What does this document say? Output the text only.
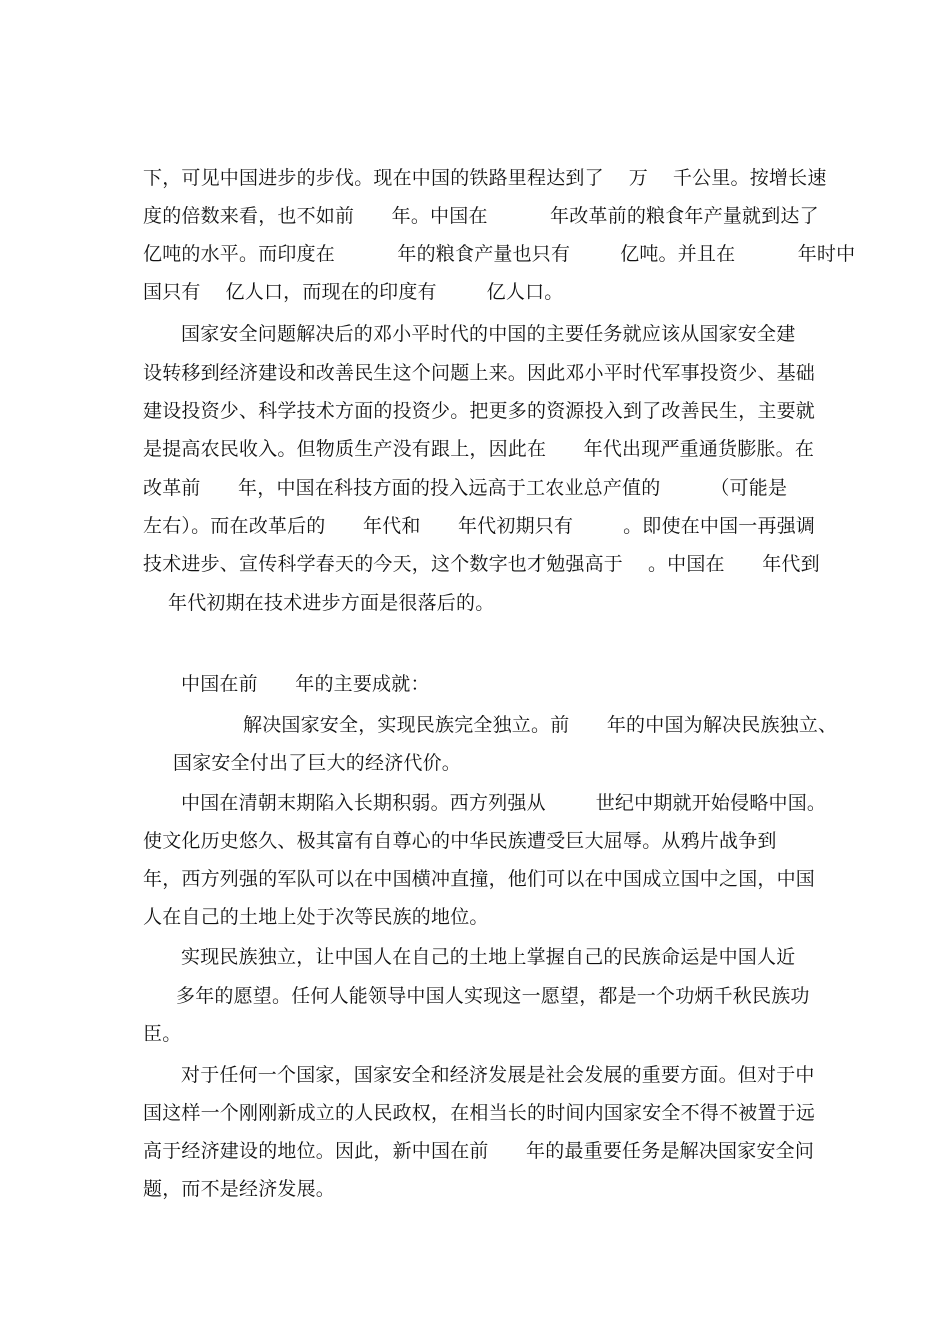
下，可见中国进步的步伐。现在中国的铁路里程达到了    万    千公里。按增长速
度的倍数来看，也不如前      年。中国在          年改革前的粮食年产量就到达了
亿吨的水平。而印度在          年的粮食产量也只有        亿吨。并且在          年时中
国只有    亿人口，而现在的印度有        亿人口。
国家安全问题解决后的邓小平时代的中国的主要任务就应该从国家安全建
设转移到经济建设和改善民生这个问题上来。因此邓小平时代军事投资少、基础
建设投资少、科学技术方面的投资少。把更多的资源投入到了改善民生，主要就
是提高农民收入。但物质生产没有跟上，因此在      年代出现严重通货膨胀。在
改革前      年，中国在科技方面的投入远高于工农业总产值的        （可能是
左右）。而在改革后的      年代和      年代初期只有        。即使在中国一再强调
技术进步、宣传科学春天的今天，这个数字也才勉强高于    。中国在      年代到
年代初期在技术进步方面是很落后的。
中国在前      年的主要成就：
解决国家安全，实现民族完全独立。前      年的中国为解决民族独立、
国家安全付出了巨大的经济代价。
中国在清朝末期陷入长期积弱。西方列强从        世纪中期就开始侵略中国。
使文化历史悠久、极其富有自尊心的中华民族遭受巨大屈辱。从鸦片战争到
年，西方列强的军队可以在中国横冲直撞，他们可以在中国成立国中之国，中国
人在自己的土地上处于次等民族的地位。
实现民族独立，让中国人在自己的土地上掌握自己的民族命运是中国人近
多年的愿望。任何人能领导中国人实现这一愿望，都是一个功炳千秋民族功
臣。
对于任何一个国家，国家安全和经济发展是社会发展的重要方面。但对于中
国这样一个刚刚新成立的人民政权，在相当长的时间内国家安全不得不被置于远
高于经济建设的地位。因此，新中国在前      年的最重要任务是解决国家安全问
题，而不是经济发展。
